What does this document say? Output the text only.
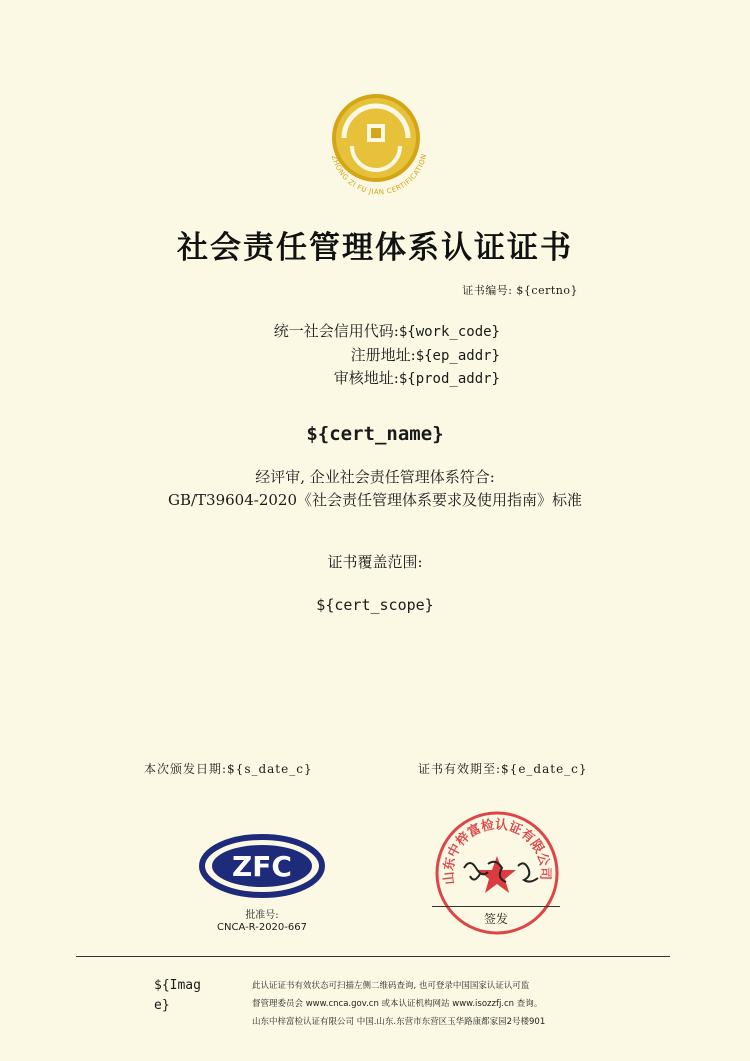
ZHONG ZI FU JIAN CERTIFICATION
社会责任管理体系认证证书
证书编号: ${certno}
统一社会信用代码:${work_code}
注册地址:${ep_addr}
审核地址:${prod_addr}
${cert_name}
经评审, 企业社会责任管理体系符合:
GB/T39604-2020《社会责任管理体系要求及使用指南》标准
证书覆盖范围:
${cert_scope}
本次颁发日期:${s_date_c}	证书有效期至:${e_date_c}
ZFC
批准号:
CNCA-R-2020-667
山东中梓富检认证有限公司
签发
${Image}
此认证证书有效状态可扫描左侧二维码查询, 也可登录中国国家认证认可监
督管理委员会 www.cnca.gov.cn 或本认证机构网站 www.isozzfj.cn 查询。
山东中梓富检认证有限公司 中国.山东.东营市东营区玉华路康都家园2号楼901
